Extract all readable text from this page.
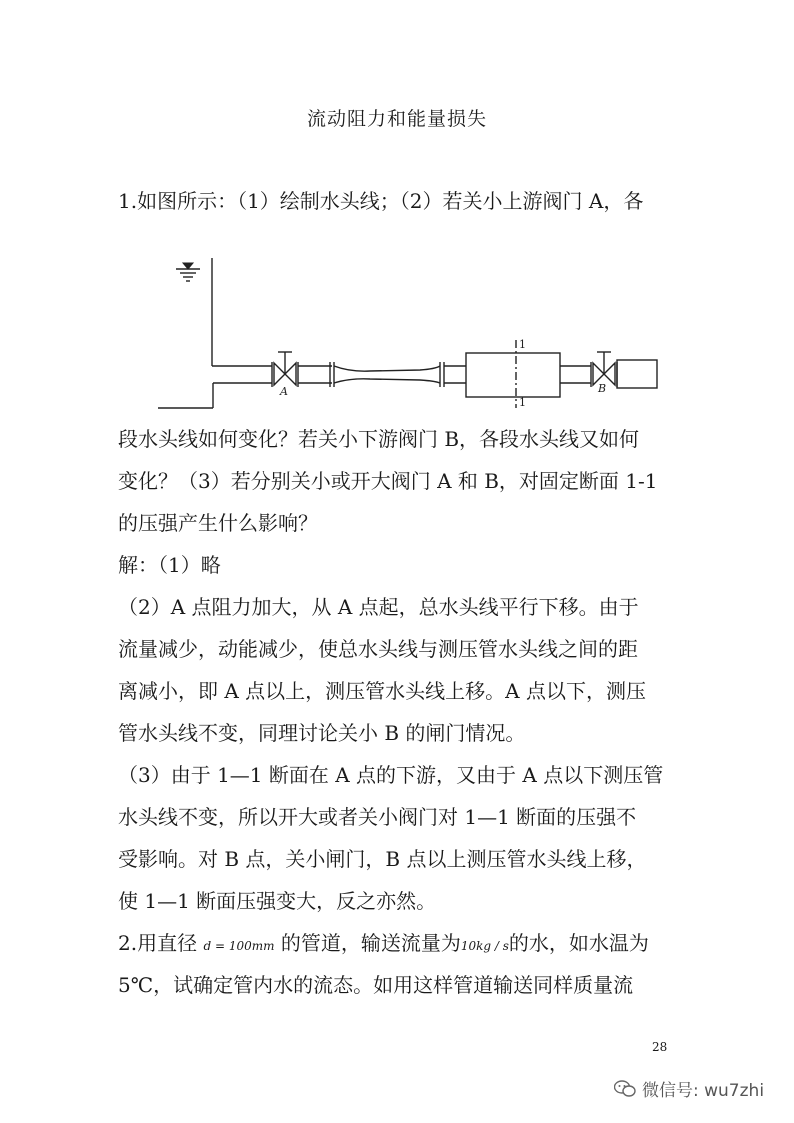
流动阻力和能量损失
1.如图所示：（1）绘制水头线；（2）若关小上游阀门 A，各
A	B
1
1
段水头线如何变化？若关小下游阀门 B，各段水头线又如何
变化？（3）若分别关小或开大阀门 A 和 B，对固定断面 1-1
的压强产生什么影响？
解：（1）略
（2）A 点阻力加大，从 A 点起，总水头线平行下移。由于
流量减少，动能减少，使总水头线与测压管水头线之间的距
离减小，即 A 点以上，测压管水头线上移。A 点以下，测压
管水头线不变，同理讨论关小 B 的闸门情况。
（3）由于 1—1 断面在 A 点的下游，又由于 A 点以下测压管
水头线不变，所以开大或者关小阀门对 1—1 断面的压强不
受影响。对 B 点，关小闸门，B 点以上测压管水头线上移，
使 1—1 断面压强变大，反之亦然。
2.用直径 d = 100mm 的管道，输送流量为10kg / s的水，如水温为
5℃，试确定管内水的流态。如用这样管道输送同样质量流
28
微信号: wu7zhi
